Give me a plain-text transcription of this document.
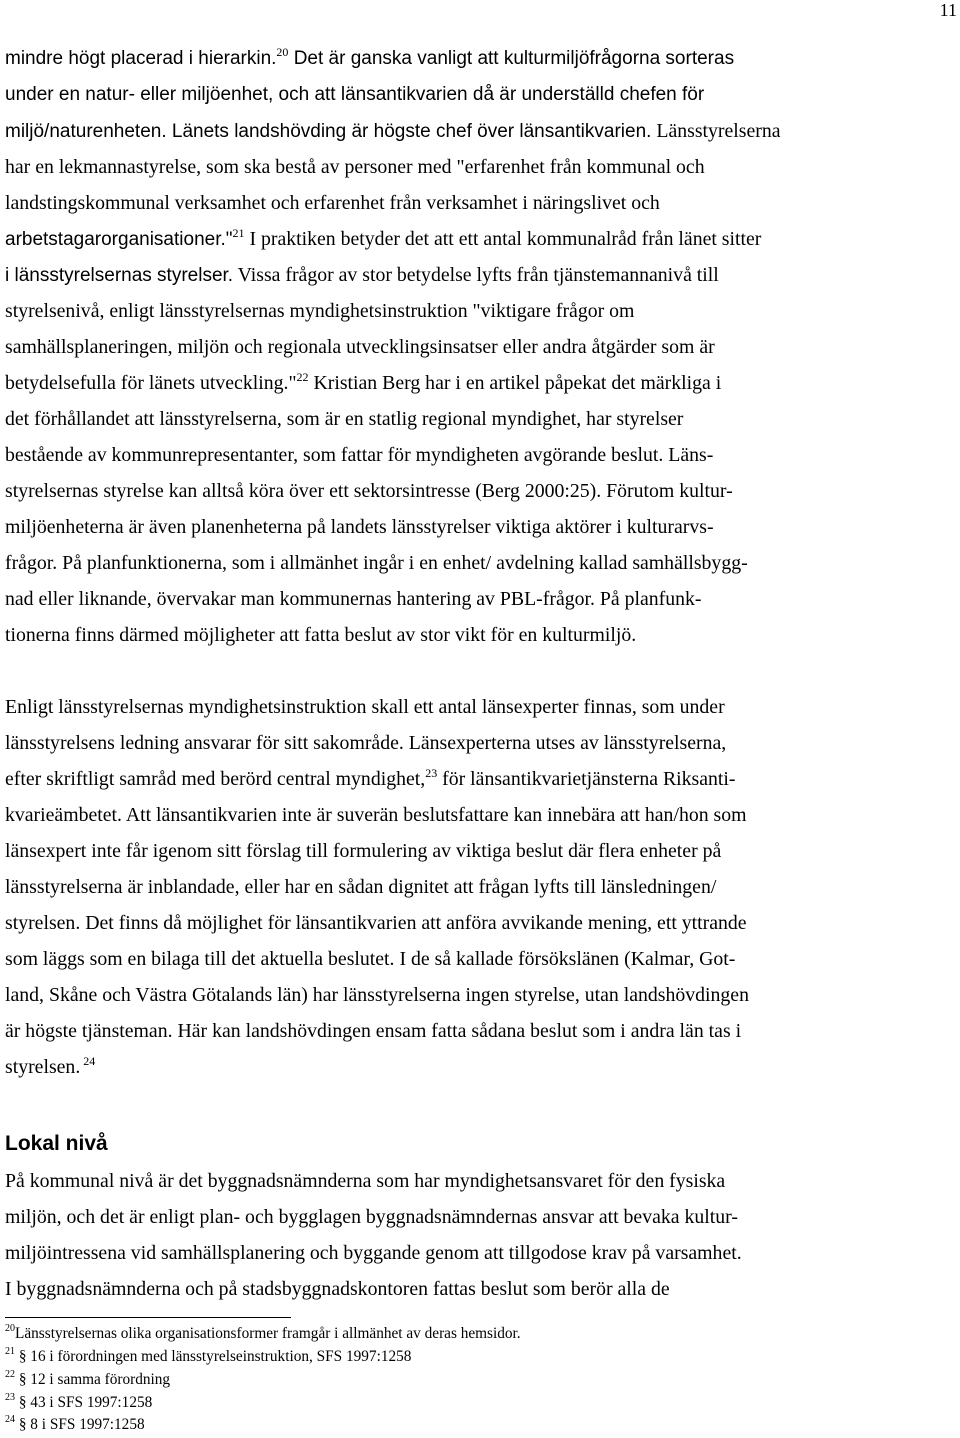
11
mindre högt placerad i hierarkin.$^{20}$ Det är ganska vanligt att kulturmiljöfrågorna sorteras
under en natur- eller miljöenhet, och att länsantikvarien då är underställd chefen för
miljö/naturenheten. Länets landshövding är högste chef över länsantikvarien. Länsstyrelserna
har en lekmannastyrelse, som ska bestå av personer med "erfarenhet från kommunal och
landstingskommunal verksamhet och erfarenhet från verksamhet i näringslivet och
arbetstagarorganisationer."$^{21}$ I praktiken betyder det att ett antal kommunalråd från länet sitter
i länsstyrelsernas styrelser. Vissa frågor av stor betydelse lyfts från tjänstemannanivå till
styrelsenivå, enligt länsstyrelsernas myndighetsinstruktion "viktigare frågor om
samhällsplaneringen, miljön och regionala utvecklingsinsatser eller andra åtgärder som är
betydelsefulla för länets utveckling."$^{22}$ Kristian Berg har i en artikel påpekat det märkliga i
det förhållandet att länsstyrelserna, som är en statlig regional myndighet, har styrelser
bestående av kommunrepresentanter, som fattar för myndigheten avgörande beslut. Läns-
styrelsernas styrelse kan alltså köra över ett sektorsintresse (Berg 2000:25). Förutom kultur-
miljöenheterna är även planenheterna på landets länsstyrelser viktiga aktörer i kulturarvs-
frågor. På planfunktionerna, som i allmänhet ingår i en enhet/ avdelning kallad samhällsbygg-
nad eller liknande, övervakar man kommunernas hantering av PBL-frågor. På planfunk-
tionerna finns därmed möjligheter att fatta beslut av stor vikt för en kulturmiljö.
Enligt länsstyrelsernas myndighetsinstruktion skall ett antal länsexperter finnas, som under
länsstyrelsens ledning ansvarar för sitt sakområde. Länsexperterna utses av länsstyrelserna,
efter skriftligt samråd med berörd central myndighet,$^{23}$ för länsantikvarietjänsterna Riksanti-
kvarieämbetet. Att länsantikvarien inte är suverän beslutsfattare kan innebära att han/hon som
länsexpert inte får igenom sitt förslag till formulering av viktiga beslut där flera enheter på
länsstyrelserna är inblandade, eller har en sådan dignitet att frågan lyfts till länsledningen/
styrelsen. Det finns då möjlighet för länsantikvarien att anföra avvikande mening, ett yttrande
som läggs som en bilaga till det aktuella beslutet. I de så kallade försökslänen (Kalmar, Got-
land, Skåne och Västra Götalands län) har länsstyrelserna ingen styrelse, utan landshövdingen
är högste tjänsteman. Här kan landshövdingen ensam fatta sådana beslut som i andra län tas i
styrelsen. $^{24}$
Lokal nivå
På kommunal nivå är det byggnadsnämnderna som har myndighetsansvaret för den fysiska
miljön, och det är enligt plan- och bygglagen byggnadsnämndernas ansvar att bevaka kultur-
miljöintressena vid samhällsplanering och byggande genom att tillgodose krav på varsamhet.
I byggnadsnämnderna och på stadsbyggnadskontoren fattas beslut som berör alla de
$^{20}$Länsstyrelsernas olika organisationsformer framgår i allmänhet av deras hemsidor.
$^{21}$ § 16 i förordningen med länsstyrelseinstruktion, SFS 1997:1258
$^{22}$ § 12 i samma förordning
$^{23}$ § 43 i SFS 1997:1258
$^{24}$ § 8 i SFS 1997:1258
